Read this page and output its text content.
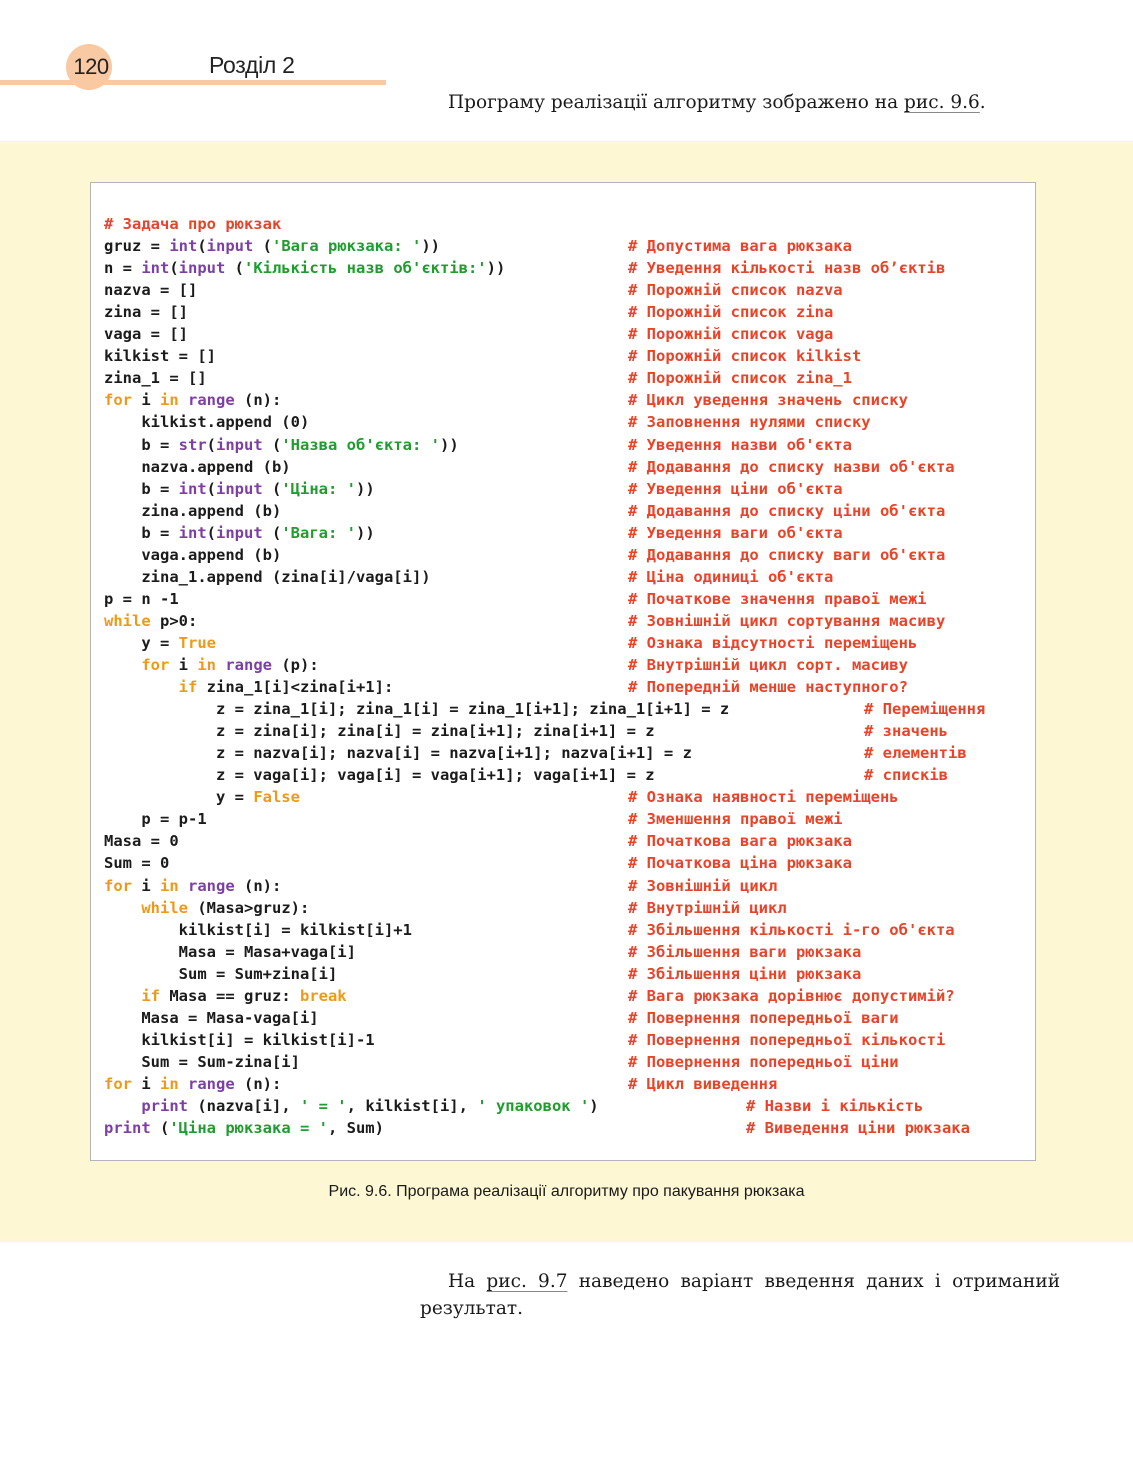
120	Розділ 2
Програму реалізації алгоритму зображено на рис. 9.6.
# Задача про рюкзак
gruz = int(input ('Вага рюкзака: '))	# Допустима вага рюкзака
n = int(input ('Кількість назв об'єктів:'))	# Уведення кількості назв об’єктів
nazva = []	# Порожній список nazva
zina = []	# Порожній список zina
vaga = []	# Порожній список vaga
kilkist = []	# Порожній список kilkist
zina_1 = []	# Порожній список zina_1
for i in range (n):	# Цикл уведення значень списку
kilkist.append (0)	# Заповнення нулями списку
b = str(input ('Назва об'єкта: '))	# Уведення назви об'єкта
nazva.append (b)	# Додавання до списку назви об'єкта
b = int(input ('Ціна: '))	# Уведення ціни об'єкта
zina.append (b)	# Додавання до списку ціни об'єкта
b = int(input ('Вага: '))	# Уведення ваги об'єкта
vaga.append (b)	# Додавання до списку ваги об'єкта
zina_1.append (zina[i]/vaga[i])	# Ціна одиниці об'єкта
p = n -1	# Початкове значення правої межі
while p>0:	# Зовнішній цикл сортування масиву
y = True	# Ознака відсутності переміщень
for i in range (p):	# Внутрішній цикл сорт. масиву
if zina_1[i]<zina[i+1]:	# Попередній менше наступного?
z = zina_1[i]; zina_1[i] = zina_1[i+1]; zina_1[i+1] = z	# Переміщення
z = zina[i]; zina[i] = zina[i+1]; zina[i+1] = z	# значень
z = nazva[i]; nazva[i] = nazva[i+1]; nazva[i+1] = z	# елементів
z = vaga[i]; vaga[i] = vaga[i+1]; vaga[i+1] = z	# списків
y = False	# Ознака наявності переміщень
p = p-1	# Зменшення правої межі
Masa = 0	# Початкова вага рюкзака
Sum = 0	# Початкова ціна рюкзака
for i in range (n):	# Зовнішній цикл
while (Masa>gruz):	# Внутрішній цикл
kilkist[i] = kilkist[i]+1	# Збільшення кількості i-го об'єкта
Masa = Masa+vaga[i]	# Збільшення ваги рюкзака
Sum = Sum+zina[i]	# Збільшення ціни рюкзака
if Masa == gruz: break	# Вага рюкзака дорівнює допустимій?
Masa = Masa-vaga[i]	# Повернення попередньої ваги
kilkist[i] = kilkist[i]-1	# Повернення попередньої кількості
Sum = Sum-zina[i]	# Повернення попередньої ціни
for i in range (n):	# Цикл виведення
print (nazva[i], ' = ', kilkist[i], ' упаковок ')	# Назви і кількість
print ('Ціна рюкзака = ', Sum)	# Виведення ціни рюкзака
Рис. 9.6. Програма реалізації алгоритму про пакування рюкзака
На рис. 9.7 наведено варіант введення даних і отриманий результат.
